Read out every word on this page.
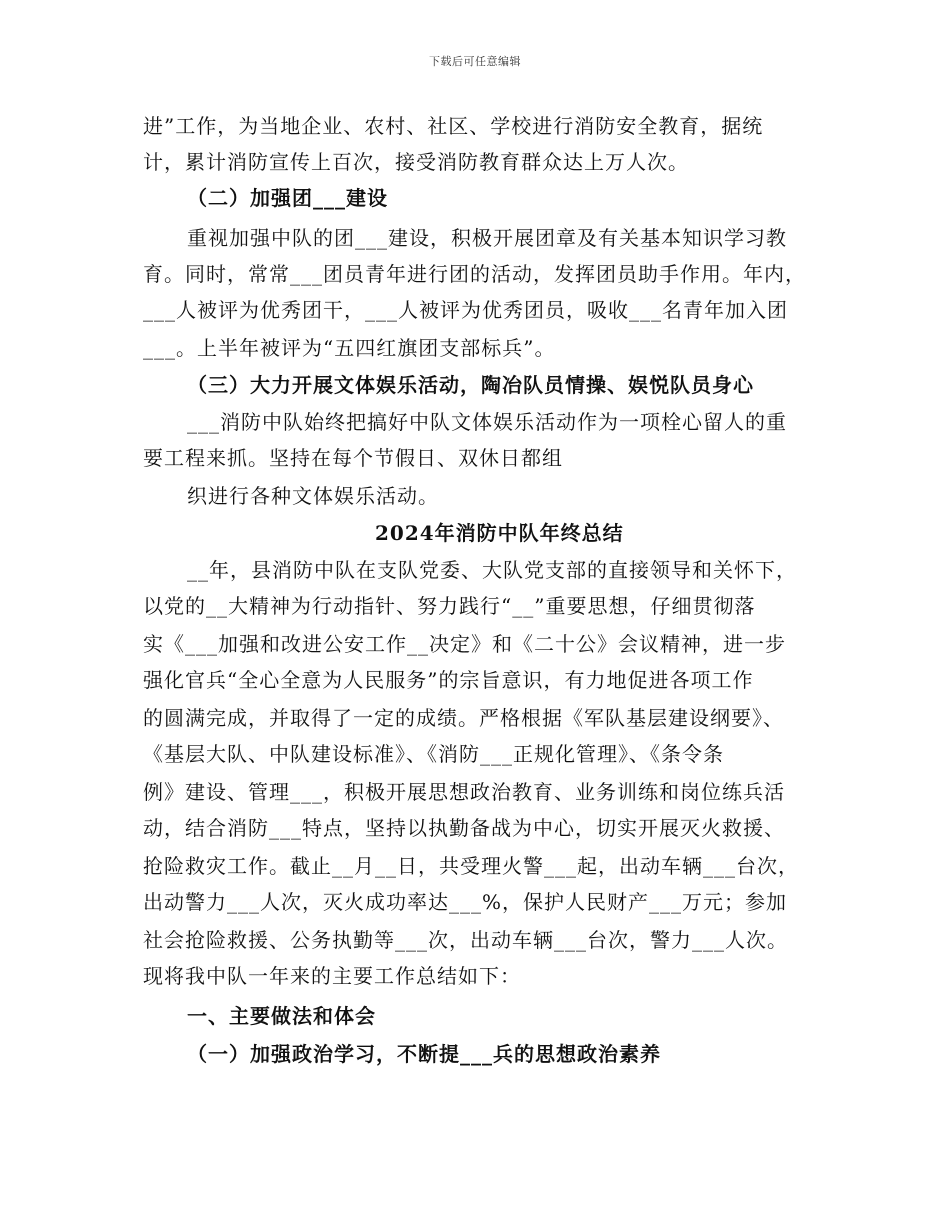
下载后可任意编辑
进”工作，为当地企业、农村、社区、学校进行消防安全教育，据统
计，累计消防宣传上百次，接受消防教育群众达上万人次。
（二）加强团___建设
重视加强中队的团___建设，积极开展团章及有关基本知识学习教
育。同时，常常___团员青年进行团的活动，发挥团员助手作用。年内，
___人被评为优秀团干，___人被评为优秀团员，吸收___名青年加入团
___。上半年被评为“五四红旗团支部标兵”。
（三）大力开展文体娱乐活动，陶冶队员情操、娱悦队员身心
___消防中队始终把搞好中队文体娱乐活动作为一项栓心留人的重
要工程来抓。坚持在每个节假日、双休日都组
织进行各种文体娱乐活动。
2024年消防中队年终总结
__年，县消防中队在支队党委、大队党支部的直接领导和关怀下，
以党的__大精神为行动指针、努力践行“__”重要思想，仔细贯彻落
实《___加强和改进公安工作__决定》和《二十公》会议精神，进一步
强化官兵“全心全意为人民服务”的宗旨意识，有力地促进各项工作
的圆满完成，并取得了一定的成绩。严格根据《军队基层建设纲要》、
《基层大队、中队建设标准》、《消防___正规化管理》、《条令条
例》建设、管理___，积极开展思想政治教育、业务训练和岗位练兵活
动，结合消防___特点，坚持以执勤备战为中心，切实开展灭火救援、
抢险救灾工作。截止__月__日，共受理火警___起，出动车辆___台次，
出动警力___人次，灭火成功率达___%，保护人民财产___万元；参加
社会抢险救援、公务执勤等___次，出动车辆___台次，警力___人次。
现将我中队一年来的主要工作总结如下：
一、主要做法和体会
（一）加强政治学习，不断提___兵的思想政治素养
